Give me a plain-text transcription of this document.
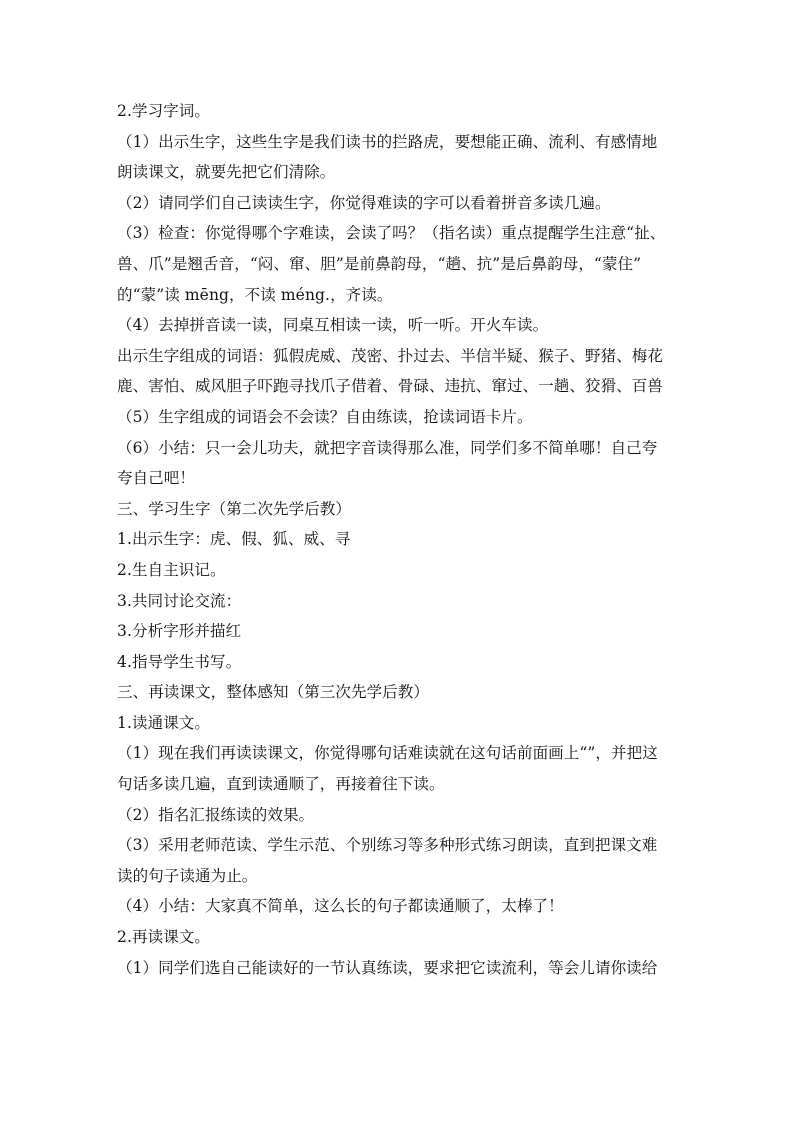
2.学习字词。
（1）出示生字，这些生字是我们读书的拦路虎，要想能正确、流利、有感情地
朗读课文，就要先把它们清除。
（2）请同学们自己读读生字，你觉得难读的字可以看着拼音多读几遍。
（3）检查：你觉得哪个字难读，会读了吗？（指名读）重点提醒学生注意“扯、
兽、爪”是翘舌音，“闷、窜、胆”是前鼻韵母，“趟、抗”是后鼻韵母，“蒙住”
的“蒙”读 mēng，不读 méng.，齐读。
（4）去掉拼音读一读，同桌互相读一读，听一听。开火车读。
出示生字组成的词语：狐假虎威、茂密、扑过去、半信半疑、猴子、野猪、梅花
鹿、害怕、威风胆子吓跑寻找爪子借着、骨碌、违抗、窜过、一趟、狡猾、百兽
（5）生字组成的词语会不会读？自由练读，抢读词语卡片。
（6）小结：只一会儿功夫，就把字音读得那么准，同学们多不简单哪！自己夸
夸自己吧！
三、学习生字（第二次先学后教）
1.出示生字：虎、假、狐、威、寻
2.生自主识记。
3.共同讨论交流：
3.分析字形并描红
4.指导学生书写。
三、再读课文，整体感知（第三次先学后教）
1.读通课文。
（1）现在我们再读读课文，你觉得哪句话难读就在这句话前面画上“”，并把这
句话多读几遍，直到读通顺了，再接着往下读。
（2）指名汇报练读的效果。
（3）采用老师范读、学生示范、个别练习等多种形式练习朗读，直到把课文难
读的句子读通为止。
（4）小结：大家真不简单，这么长的句子都读通顺了，太棒了！
2.再读课文。
（1）同学们选自己能读好的一节认真练读，要求把它读流利，等会儿请你读给
